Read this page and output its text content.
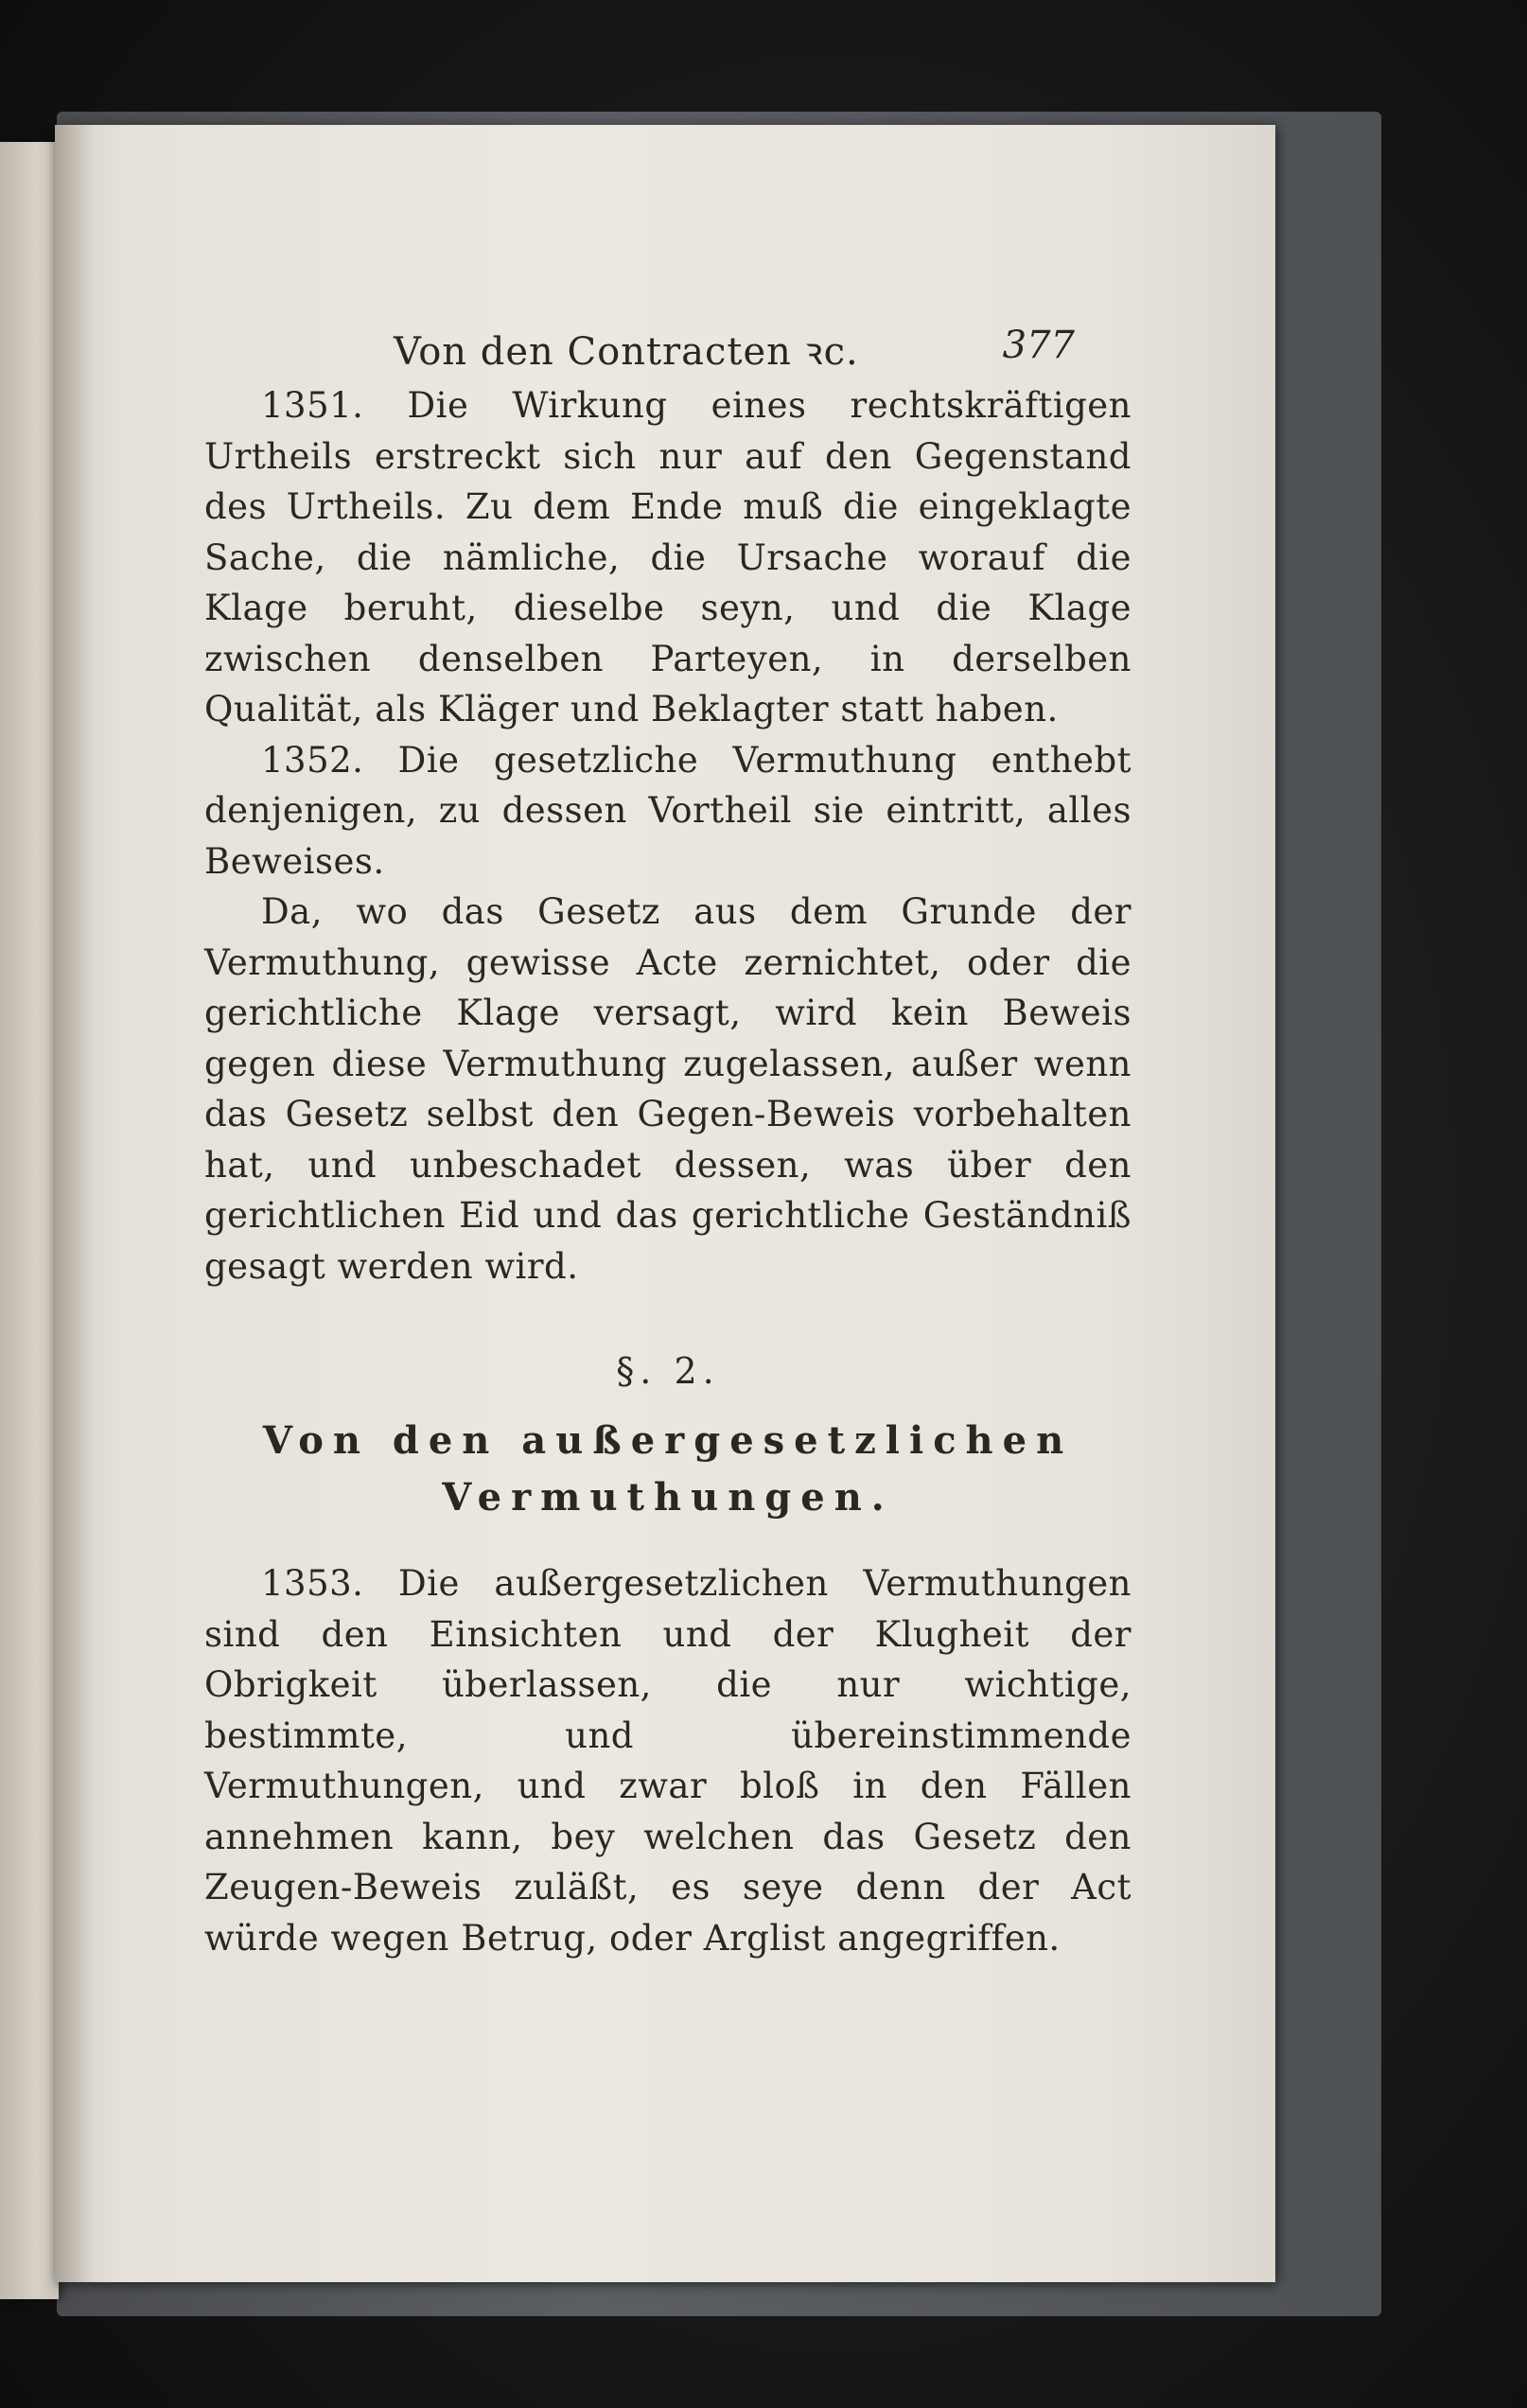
Von den Contracten ꝛc.	377

1351. Die Wirkung eines rechtskräftigen Urtheils erstreckt sich nur auf den Gegenstand des Urtheils. Zu dem Ende muß die eingeklagte Sache, die nämliche, die Ursache worauf die Klage beruht, dieselbe seyn, und die Klage zwischen denselben Parteyen, in derselben Qualität, als Kläger und Beklagter statt haben.

1352. Die gesetzliche Vermuthung enthebt denjenigen, zu dessen Vortheil sie eintritt, alles Beweises.

Da, wo das Gesetz aus dem Grunde der Vermuthung, gewisse Acte zernichtet, oder die gerichtliche Klage versagt, wird kein Beweis gegen diese Vermuthung zugelassen, außer wenn das Gesetz selbst den Gegen-Beweis vorbehalten hat, und unbeschadet dessen, was über den gerichtlichen Eid und das gerichtliche Geständniß gesagt werden wird.

§. 2.

Von den außergesetzlichen Vermuthungen.

1353. Die außergesetzlichen Vermuthungen sind den Einsichten und der Klugheit der Obrigkeit überlassen, die nur wichtige, bestimmte, und übereinstimmende Vermuthungen, und zwar bloß in den Fällen annehmen kann, bey welchen das Gesetz den Zeugen-Beweis zuläßt, es seye denn der Act würde wegen Betrug, oder Arglist angegriffen.
